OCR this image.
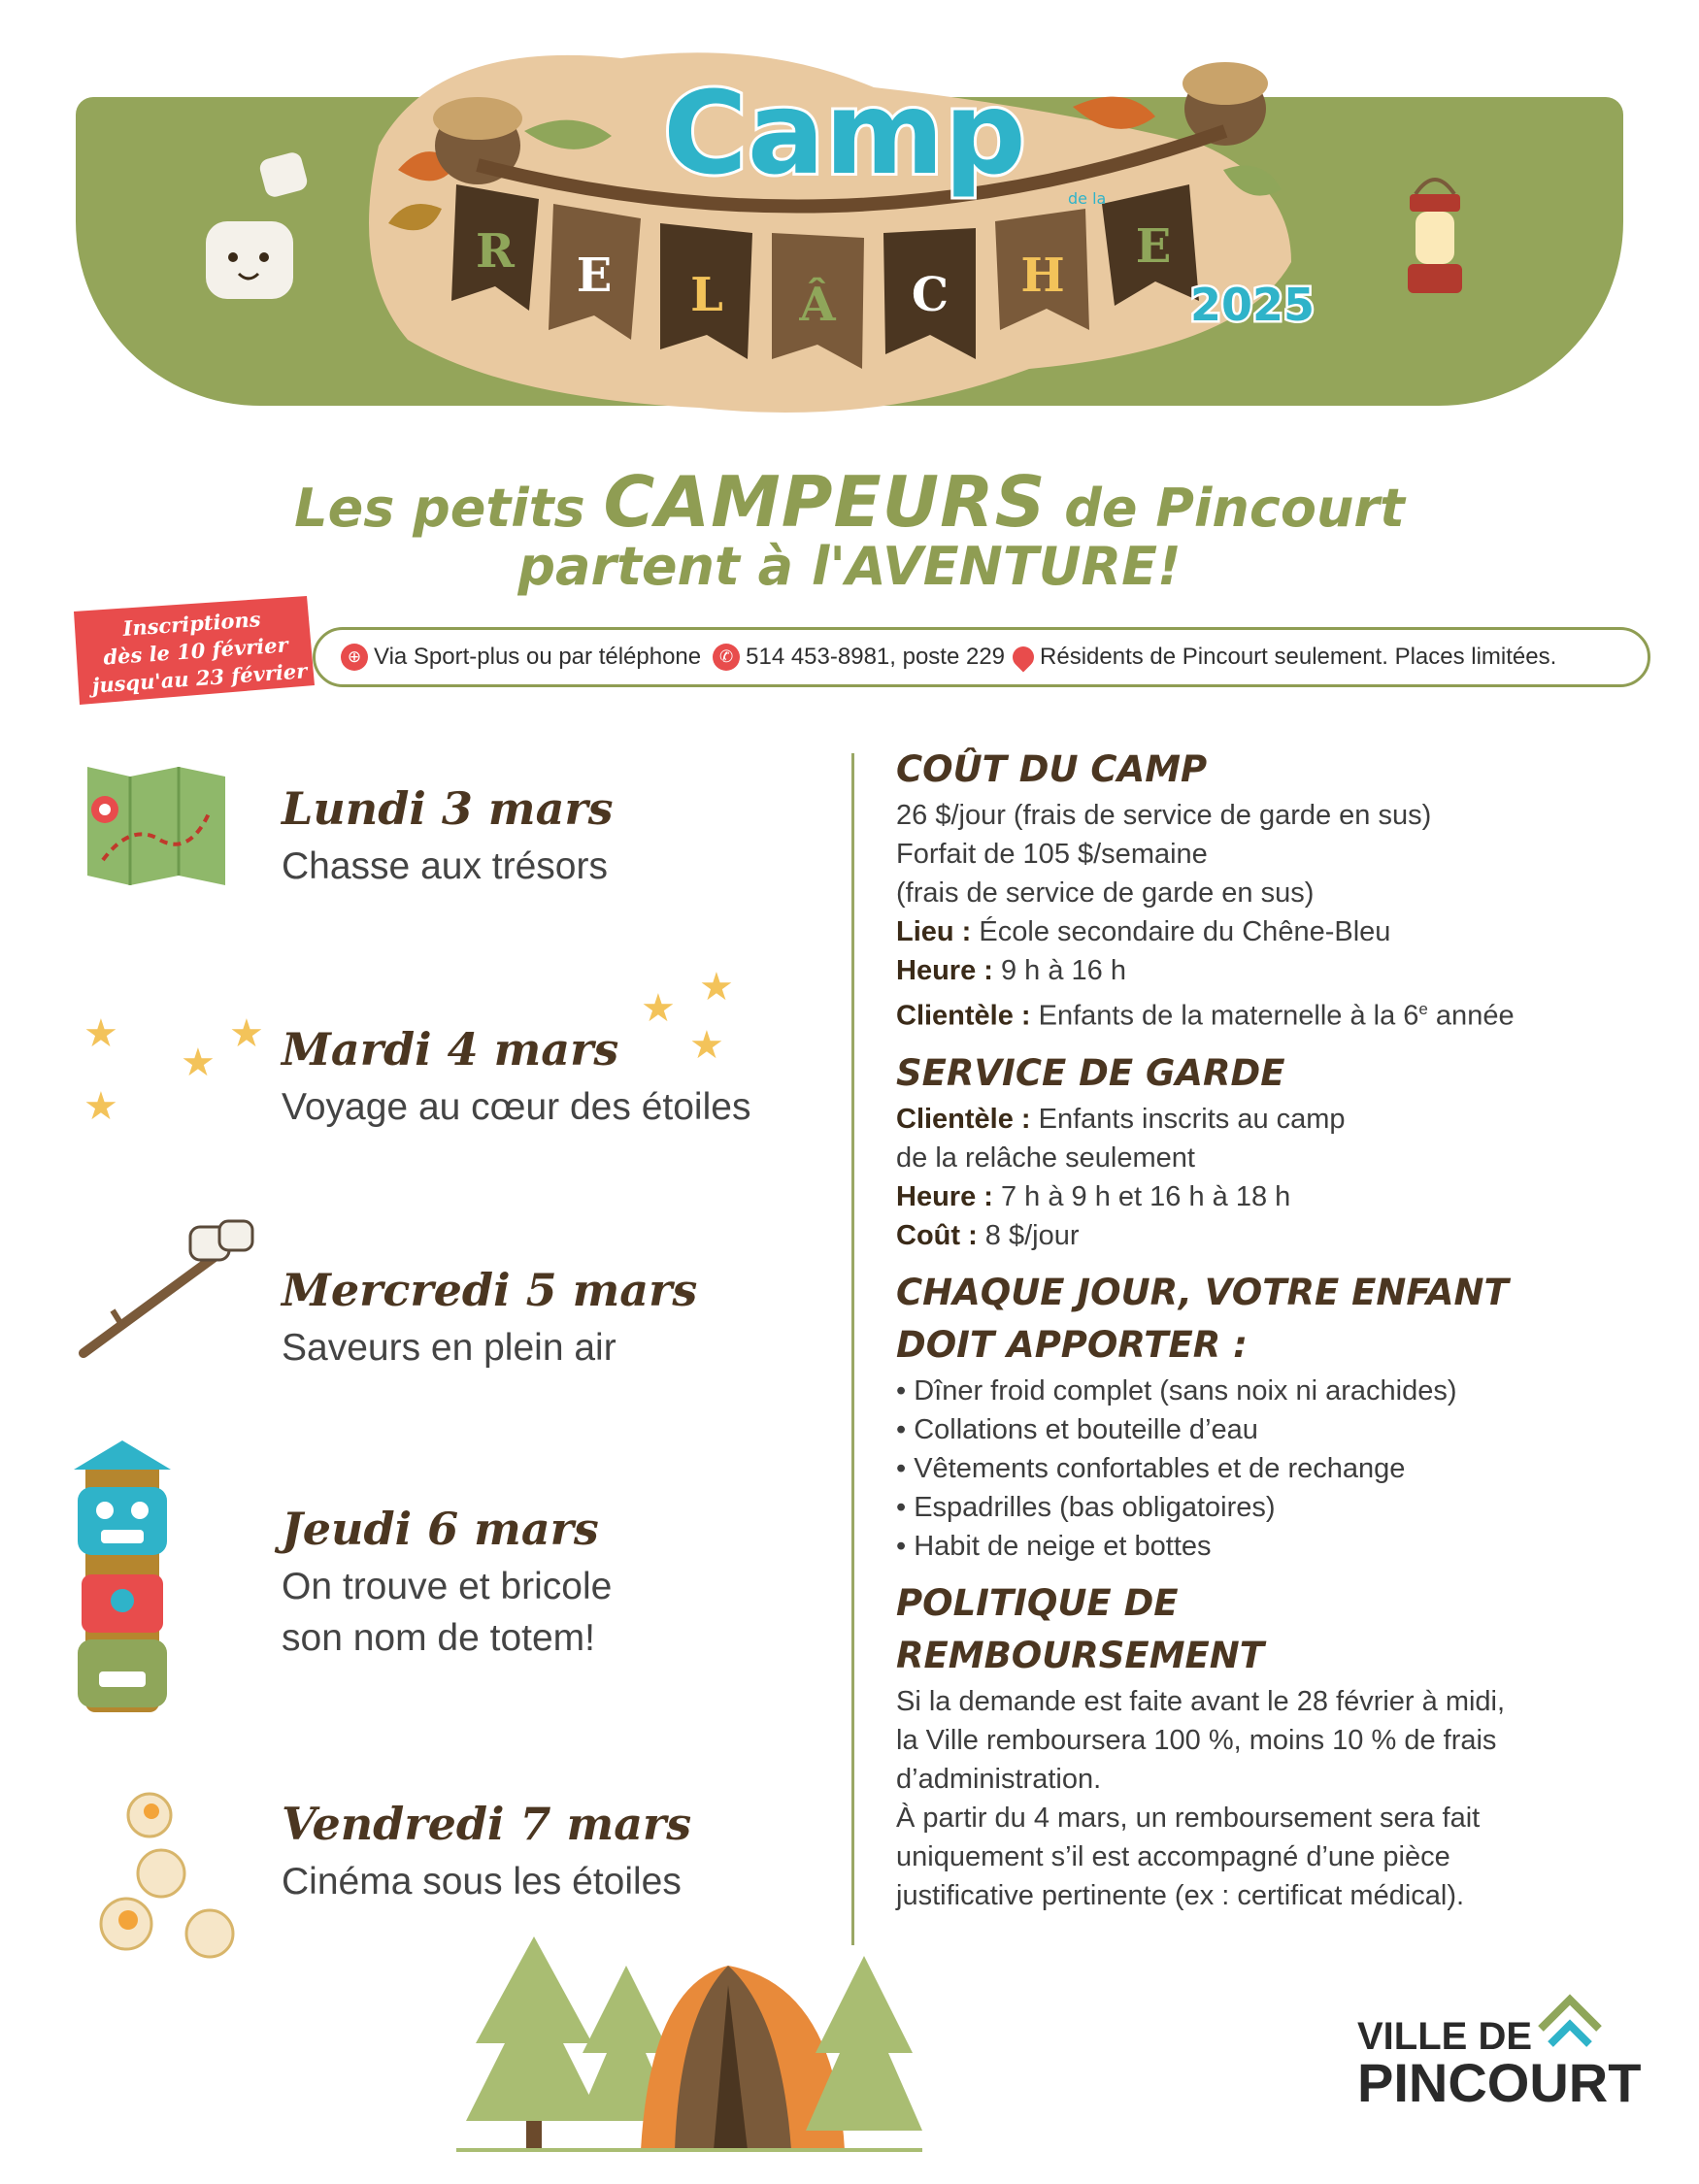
R E L Â C H
E
Camp	de la
2025
Les petits CAMPEURS de Pincourt
partent à l'AVENTURE!
⊕ Via Sport-plus ou par téléphone	✆ 514 453-8981, poste 229 Résidents de Pincourt seulement. Places limitées.
Inscriptions
dès le 10 février
jusqu'au 23 février
★	★
★
★
★
★
★
Lundi 3 mars
Chasse aux trésors
Mardi 4 mars
Voyage au cœur des étoiles
Mercredi 5 mars
Saveurs en plein air
Jeudi 6 mars
On trouve et bricole
son nom de totem!
Vendredi 7 mars
Cinéma sous les étoiles

COÛT DU CAMP

26 $/jour (frais de service de garde en sus)

Forfait de 105 $/semaine

(frais de service de garde en sus)

Lieu : École secondaire du Chêne-Bleu

Heure : 9 h à 16 h

Clientèle : Enfants de la maternelle à la 6e année

SERVICE DE GARDE

Clientèle : Enfants inscrits au camp

de la relâche seulement

Heure : 7 h à 9 h et 16 h à 18 h

Coût : 8 $/jour

CHAQUE JOUR, VOTRE ENFANT

DOIT APPORTER :

• Dîner froid complet (sans noix ni arachides)

• Collations et bouteille d’eau

• Vêtements confortables et de rechange

• Espadrilles (bas obligatoires)

• Habit de neige et bottes

POLITIQUE DE

REMBOURSEMENT

Si la demande est faite avant le 28 février à midi,

la Ville remboursera 100 %, moins 10 % de frais

d’administration.

À partir du 4 mars, un remboursement sera fait

uniquement s’il est accompagné d’une pièce

justificative pertinente (ex : certificat médical).

VILLE DE
PINCOURT
